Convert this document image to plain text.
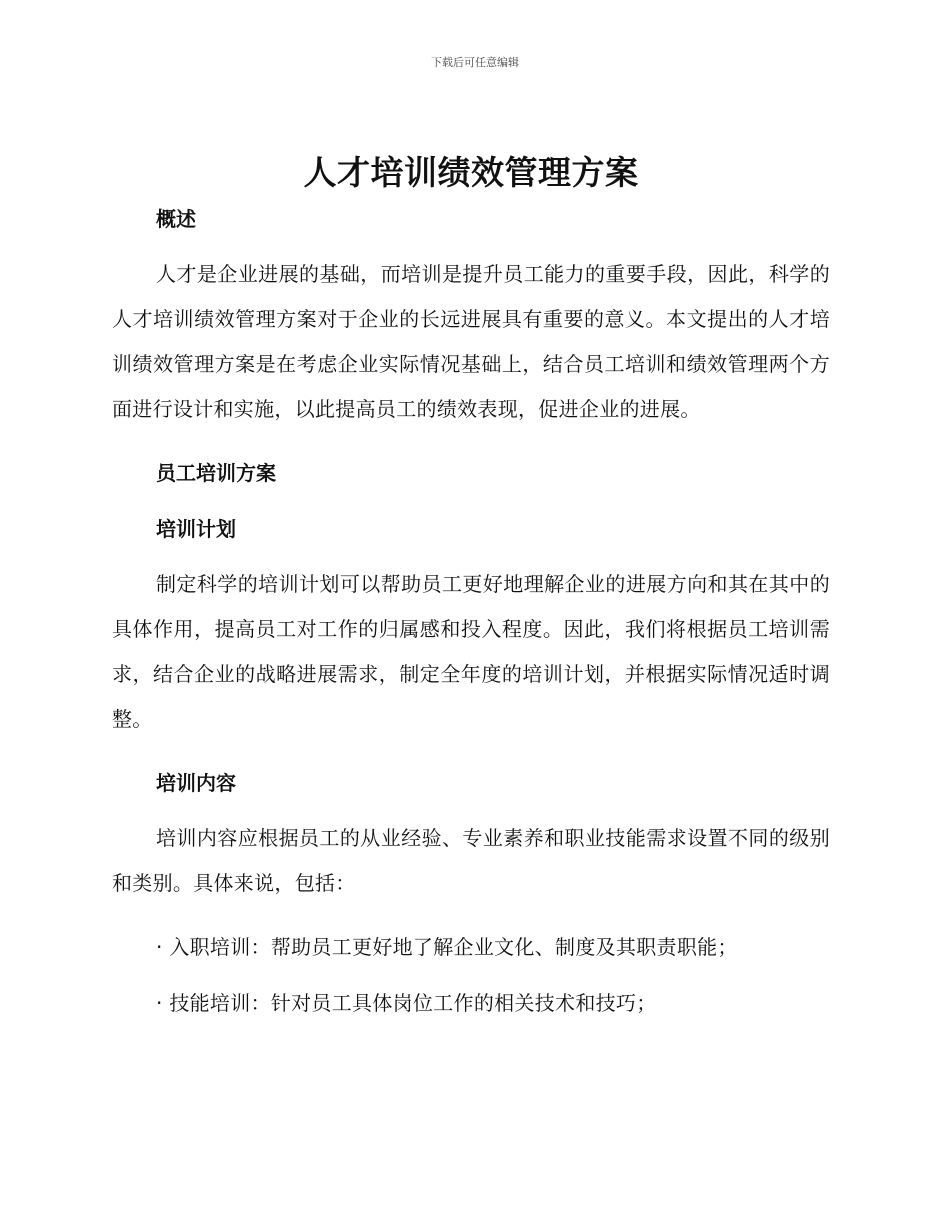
下载后可任意编辑
人才培训绩效管理方案
概述

人才是企业进展的基础，而培训是提升员工能力的重要手段，因此，科学的人才培训绩效管理方案对于企业的长远进展具有重要的意义。本文提出的人才培训绩效管理方案是在考虑企业实际情况基础上，结合员工培训和绩效管理两个方面进行设计和实施，以此提高员工的绩效表现，促进企业的进展。

员工培训方案
培训计划

制定科学的培训计划可以帮助员工更好地理解企业的进展方向和其在其中的具体作用，提高员工对工作的归属感和投入程度。因此，我们将根据员工培训需求，结合企业的战略进展需求，制定全年度的培训计划，并根据实际情况适时调整。

培训内容

培训内容应根据员工的从业经验、专业素养和职业技能需求设置不同的级别和类别。具体来说，包括：

· 入职培训：帮助员工更好地了解企业文化、制度及其职责职能；

· 技能培训：针对员工具体岗位工作的相关技术和技巧；
